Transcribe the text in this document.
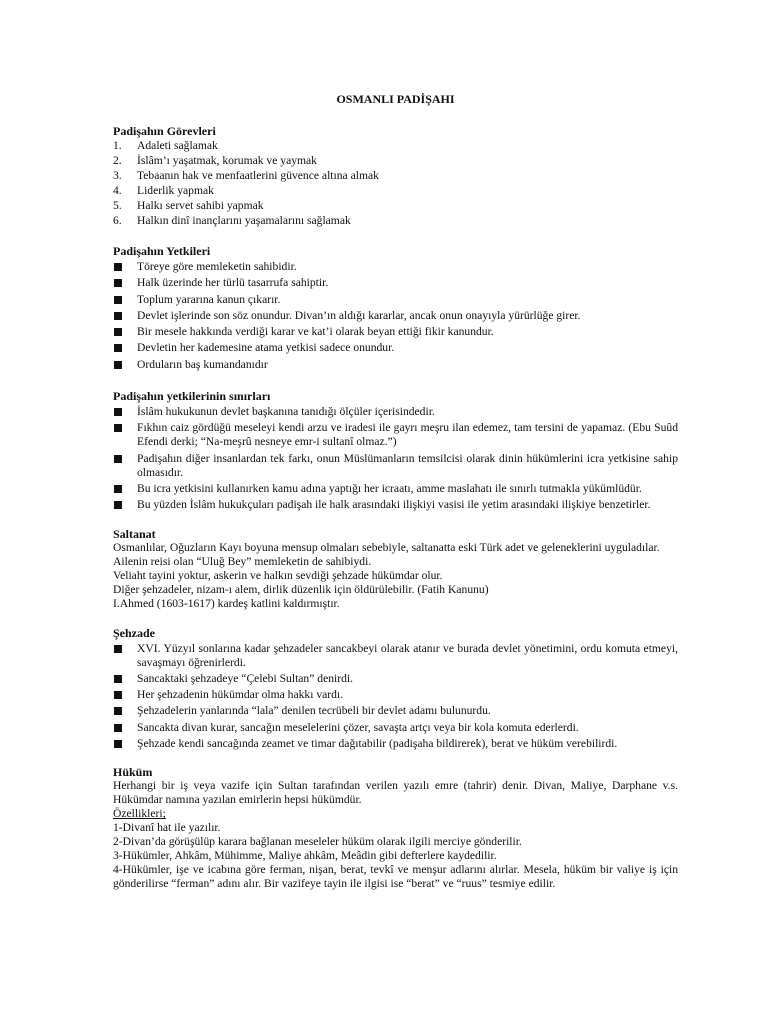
OSMANLI PADİŞAHI
Padişahın Görevleri
1. Adaleti sağlamak
2. İslâm’ı yaşatmak, korumak ve yaymak
3. Tebaanın hak ve menfaatlerini güvence altına almak
4. Liderlik yapmak
5. Halkı servet sahibi yapmak
6. Halkın dinî inançlarını yaşamalarını sağlamak
Padişahın Yetkileri
Töreye göre memleketin sahibidir.
Halk üzerinde her türlü tasarrufa sahiptir.
Toplum yararına kanun çıkarır.
Devlet işlerinde son söz onundur. Divan’ın aldığı kararlar, ancak onun onayıyla yürürlüğe girer.
Bir mesele hakkında verdiği karar ve kat’i olarak beyan ettiği fikir kanundur.
Devletin her kademesine atama yetkisi sadece onundur.
Orduların baş kumandanıdır
Padişahın yetkilerinin sınırları
İslâm hukukunun devlet başkanına tanıdığı ölçüler içerisindedir.
Fıkhın caiz gördüğü meseleyi kendi arzu ve iradesi ile gayrı meşru ilan edemez, tam tersini de yapamaz. (Ebu Suûd Efendi derki; “Na-meşrû nesneye emr-i sultanî olmaz.”)
Padişahın diğer insanlardan tek farkı, onun Müslümanların temsilcisi olarak dinin hükümlerini icra yetkisine sahip olmasıdır.
Bu icra yetkisini kullanırken kamu adına yaptığı her icraatı, amme maslahatı ile sınırlı tutmakla yükümlüdür.
Bu yüzden İslâm hukukçuları padişah ile halk arasındaki ilişkiyi vasisi ile yetim arasındaki ilişkiye benzetirler.
Saltanat

Osmanlılar, Oğuzların Kayı boyuna mensup olmaları sebebiyle, saltanatta eski Türk adet ve geleneklerini uyguladılar.

Ailenin reisi olan “Uluğ Bey” memleketin de sahibiydi.

Veliaht tayini yoktur, askerin ve halkın sevdiği şehzade hükümdar olur.

Diğer şehzadeler, nizam-ı alem, dirlik düzenlik için öldürülebilir. (Fatih Kanunu)

I.Ahmed (1603-1617) kardeş katlini kaldırmıştır.

Şehzade
XVI. Yüzyıl sonlarına kadar şehzadeler sancakbeyi olarak atanır ve burada devlet yönetimini, ordu komuta etmeyi, savaşmayı öğrenirlerdi.
Sancaktaki şehzadeye “Çelebi Sultan” denirdi.
Her şehzadenin hükümdar olma hakkı vardı.
Şehzadelerin yanlarında “lala” denilen tecrübeli bir devlet adamı bulunurdu.
Sancakta divan kurar, sancağın meselelerini çözer, savaşta artçı veya bir kola komuta ederlerdi.
Şehzade kendi sancağında zeamet ve timar dağıtabilir (padişaha bildirerek), berat ve hüküm verebilirdi.
Hüküm

Herhangi bir iş veya vazife için Sultan tarafından verilen yazılı emre (tahrir) denir. Divan, Maliye, Darphane v.s. Hükümdar namına yazılan emirlerin hepsi hükümdür.

Özellikleri;

1-Divanî hat ile yazılır.

2-Divan’da görüşülüp karara bağlanan meseleler hüküm olarak ilgili merciye gönderilir.

3-Hükümler, Ahkâm, Mühimme, Maliye ahkâm, Meâdin gibi defterlere kaydedilir.

4-Hükümler, işe ve icabına göre ferman, nişan, berat, tevkî ve menşur adlarını alırlar. Mesela, hüküm bir valiye iş için gönderilirse “ferman” adını alır. Bir vazifeye tayin ile ilgisi ise “berat” ve “ruus” tesmiye edilir.
